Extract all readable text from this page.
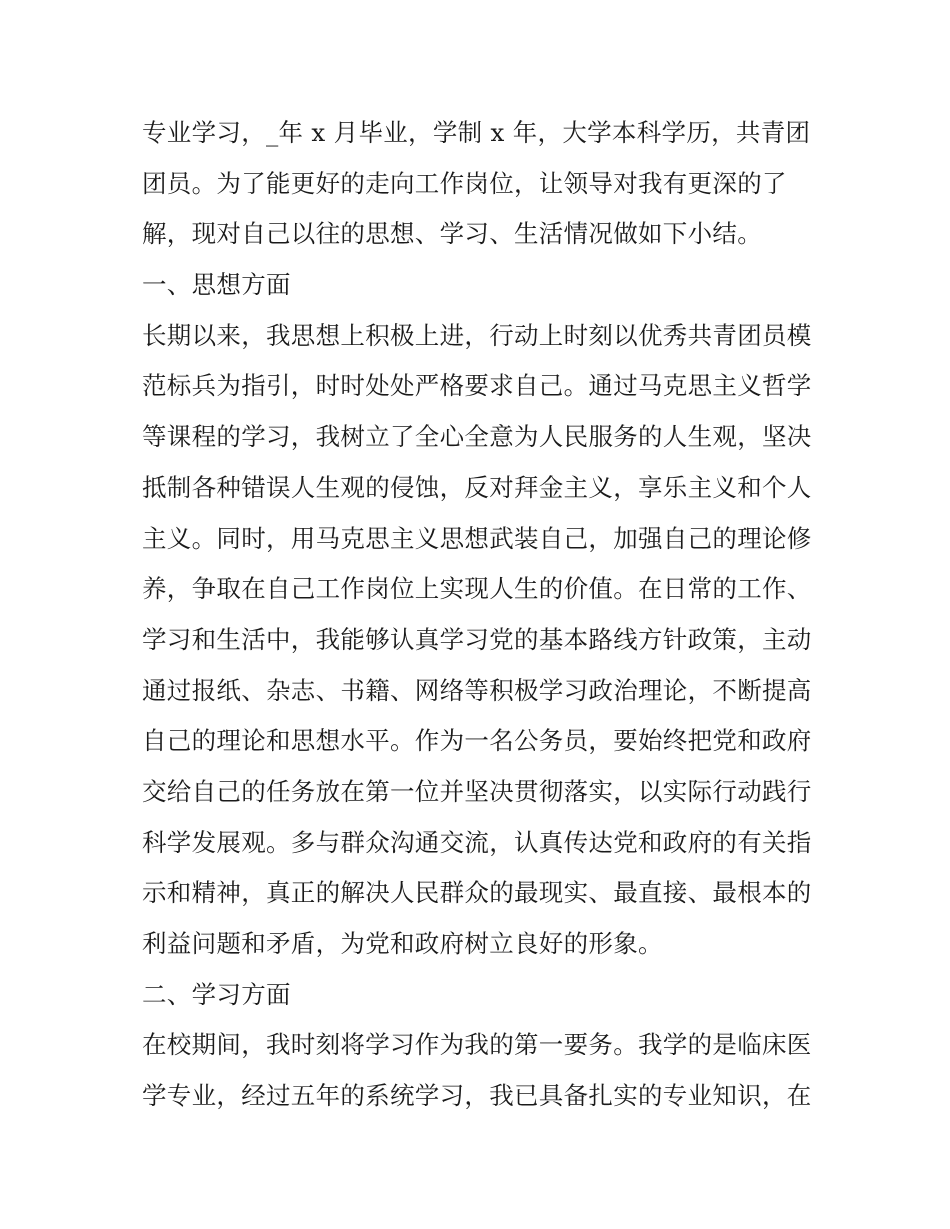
专业学习，_年 x 月毕业，学制 x 年，大学本科学历，共青团
团员。为了能更好的走向工作岗位，让领导对我有更深的了
解，现对自己以往的思想、学习、生活情况做如下小结。
一、思想方面
长期以来，我思想上积极上进，行动上时刻以优秀共青团员模
范标兵为指引，时时处处严格要求自己。通过马克思主义哲学
等课程的学习，我树立了全心全意为人民服务的人生观，坚决
抵制各种错误人生观的侵蚀，反对拜金主义，享乐主义和个人
主义。同时，用马克思主义思想武装自己，加强自己的理论修
养，争取在自己工作岗位上实现人生的价值。在日常的工作、
学习和生活中，我能够认真学习党的基本路线方针政策，主动
通过报纸、杂志、书籍、网络等积极学习政治理论，不断提高
自己的理论和思想水平。作为一名公务员，要始终把党和政府
交给自己的任务放在第一位并坚决贯彻落实，以实际行动践行
科学发展观。多与群众沟通交流，认真传达党和政府的有关指
示和精神，真正的解决人民群众的最现实、最直接、最根本的
利益问题和矛盾，为党和政府树立良好的形象。
二、学习方面
在校期间，我时刻将学习作为我的第一要务。我学的是临床医
学专业，经过五年的系统学习，我已具备扎实的专业知识，在
